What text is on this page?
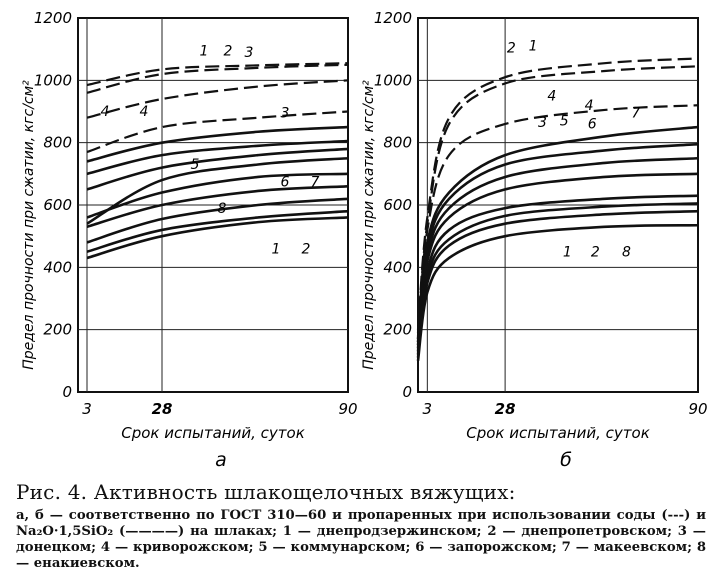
0
200
400
600
800
1000
1200
3	28	90
Срок испытаний, суток
Предел прочности при сжатии, кгс/см²
а
1 2 3
4 4	3
5
6 7
8
1 2
0
200
400
600
800
1000
1200
3	28	90
Срок испытаний, суток
Предел прочности при сжатии, кгс/см²
б
2 1
4
4
3 5 6
7
1 2 8

Рис. 4. Активность шлакощелочных вяжущих:

а, б — соответственно по ГОСТ 310—60 и пропаренных при использовании соды (---) и Na₂O·1,5SiO₂ (————) на шлаках; 1 — днепродзержинском; 2 — днепропетровском; 3 — донецком; 4 — криворожском; 5 — коммунарском; 6 — запорожском; 7 — макеевском; 8 — енакиевском.
